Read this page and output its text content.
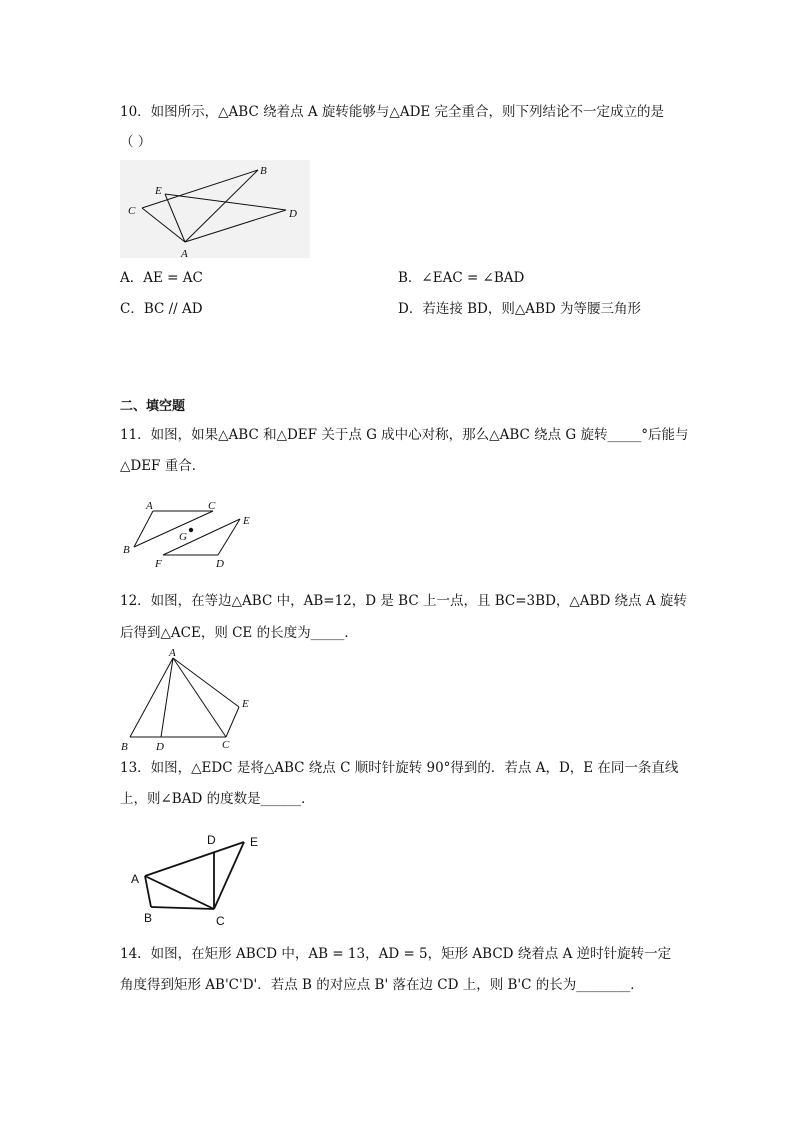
10．如图所示，△ABC 绕着点 A 旋转能够与△ADE 完全重合，则下列结论不一定成立的是
（ ）
B
E
C	D
A
A．AE = AC	B．∠EAC = ∠BAD
C．BC // AD	D．若连接 BD，则△ABD 为等腰三角形
二、填空题
11．如图，如果△ABC 和△DEF 关于点 G 成中心对称，那么△ABC 绕点 G 旋转_____°后能与
△DEF 重合．
A	C
B
G
E
F	D
12．如图，在等边△ABC 中，AB=12，D 是 BC 上一点，且 BC=3BD，△ABD 绕点 A 旋转
后得到△ACE，则 CE 的长度为_____．
A
E
B	D	C
13．如图，△EDC 是将△ABC 绕点 C 顺时针旋转 90°得到的．若点 A，D，E 在同一条直线
上，则∠BAD 的度数是______．
D	E
A
B	C
14．如图，在矩形 ABCD 中，AB = 13，AD = 5，矩形 ABCD 绕着点 A 逆时针旋转一定
角度得到矩形 AB'C'D'．若点 B 的对应点 B' 落在边 CD 上，则 B'C 的长为________．
